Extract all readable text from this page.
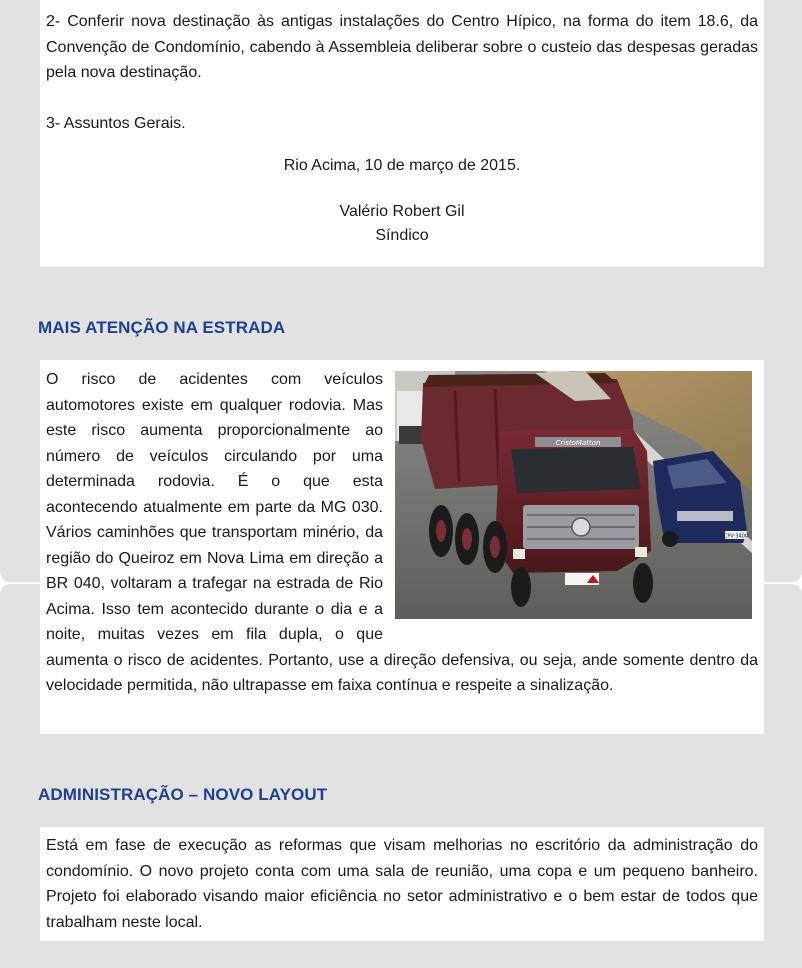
2- Conferir nova destinação às antigas instalações do Centro Hípico, na forma do item 18.6, da Convenção de Condomínio, cabendo à Assembleia deliberar sobre o custeio das despesas geradas pela nova destinação.

3- Assuntos Gerais.

Rio Acima, 10 de março de 2015.

Valério Robert Gil

Síndico

MAIS ATENÇÃO NA ESTRADA
CPV·3400
CristoMatton

O risco de acidentes com veículos automotores existe em qualquer rodovia. Mas este risco aumenta proporcionalmente ao número de veículos circulando por uma determinada rodovia. É o que esta acontecendo atualmente em parte da MG 030. Vários caminhões que transportam minério, da região do Queiroz em Nova Lima em direção a BR 040, voltaram a trafegar na estrada de Rio Acima. Isso tem acontecido durante o dia e a noite, muitas vezes em fila dupla, o que aumenta o risco de acidentes. Portanto, use a direção defensiva, ou seja, ande somente dentro da velocidade permitida, não ultrapasse em faixa contínua e respeite a sinalização.

ADMINISTRAÇÃO – NOVO LAYOUT

Está em fase de execução as reformas que visam melhorias no escritório da administração do condomínio. O novo projeto conta com uma sala de reunião, uma copa e um pequeno banheiro. Projeto foi elaborado visando maior eficiência no setor administrativo e o bem estar de todos que trabalham neste local.
